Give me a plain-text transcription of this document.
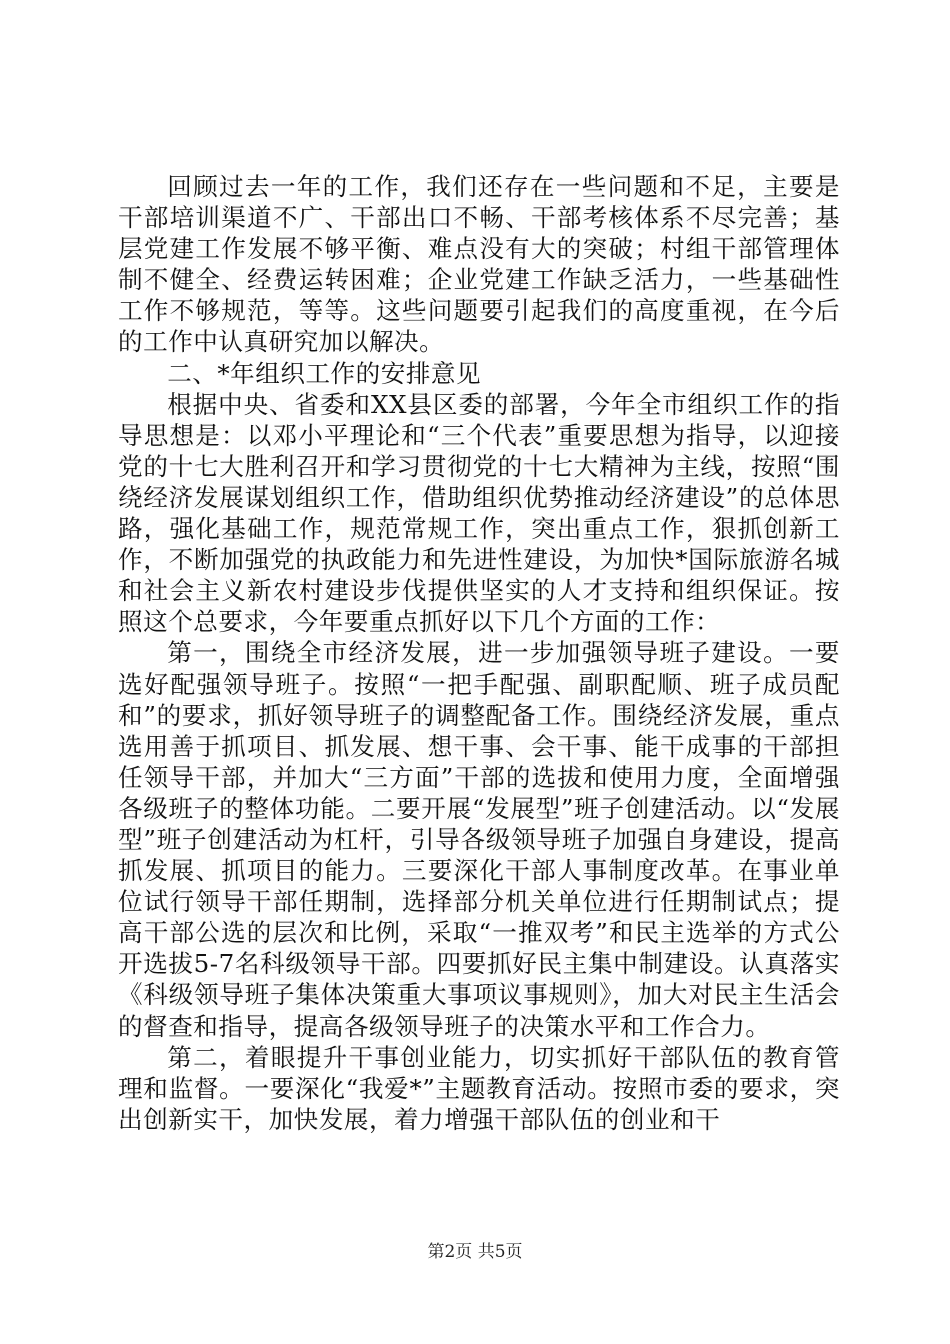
回顾过去一年的工作，我们还存在一些问题和不足，主要是干部培训渠道不广、干部出口不畅、干部考核体系不尽完善；基层党建工作发展不够平衡、难点没有大的突破；村组干部管理体制不健全、经费运转困难；企业党建工作缺乏活力，一些基础性工作不够规范，等等。这些问题要引起我们的高度重视，在今后的工作中认真研究加以解决。

二、*年组织工作的安排意见

根据中央、省委和XX县区委的部署，今年全市组织工作的指导思想是：以邓小平理论和“三个代表”重要思想为指导，以迎接党的十七大胜利召开和学习贯彻党的十七大精神为主线，按照“围绕经济发展谋划组织工作，借助组织优势推动经济建设”的总体思路，强化基础工作，规范常规工作，突出重点工作，狠抓创新工作，不断加强党的执政能力和先进性建设，为加快*国际旅游名城和社会主义新农村建设步伐提供坚实的人才支持和组织保证。按照这个总要求，今年要重点抓好以下几个方面的工作：

第一，围绕全市经济发展，进一步加强领导班子建设。一要选好配强领导班子。按照“一把手配强、副职配顺、班子成员配和”的要求，抓好领导班子的调整配备工作。围绕经济发展，重点选用善于抓项目、抓发展、想干事、会干事、能干成事的干部担任领导干部，并加大“三方面”干部的选拔和使用力度，全面增强各级班子的整体功能。二要开展“发展型”班子创建活动。以“发展型”班子创建活动为杠杆，引导各级领导班子加强自身建设，提高抓发展、抓项目的能力。三要深化干部人事制度改革。在事业单位试行领导干部任期制，选择部分机关单位进行任期制试点；提高干部公选的层次和比例，采取“一推双考”和民主选举的方式公开选拔5-7名科级领导干部。四要抓好民主集中制建设。认真落实《科级领导班子集体决策重大事项议事规则》，加大对民主生活会的督查和指导，提高各级领导班子的决策水平和工作合力。

第二，着眼提升干事创业能力，切实抓好干部队伍的教育管理和监督。一要深化“我爱*”主题教育活动。按照市委的要求，突出创新实干，加快发展，着力增强干部队伍的创业和干

第2页 共5页
